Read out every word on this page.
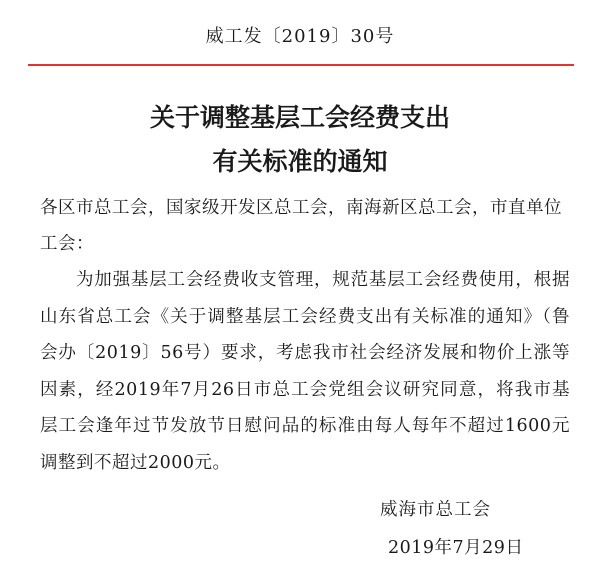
威工发〔2019〕30号
关于调整基层工会经费支出
有关标准的通知
各区市总工会，国家级开发区总工会，南海新区总工会，市直单位工会：
为加强基层工会经费收支管理，规范基层工会经费使用，根据山东省总工会《关于调整基层工会经费支出有关标准的通知》（鲁会办〔2019〕56号）要求，考虑我市社会经济发展和物价上涨等因素，经2019年7月26日市总工会党组会议研究同意，将我市基层工会逢年过节发放节日慰问品的标准由每人每年不超过1600元调整到不超过2000元。
威海市总工会
2019年7月29日
